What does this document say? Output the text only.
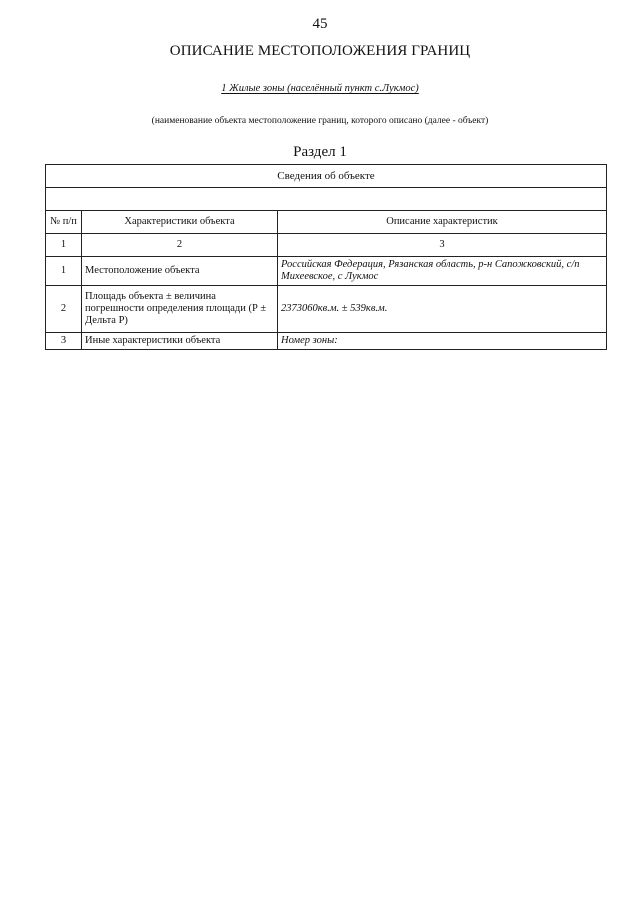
45
ОПИСАНИЕ МЕСТОПОЛОЖЕНИЯ ГРАНИЦ
1 Жилые зоны (населённый пункт с.Лукмос)
(наименование объекта местоположение границ, которого описано (далее - объект)
Раздел 1
Сведения об объекте		

№ п/п	Характеристики объекта	Описание характеристик
1	2	3
1	Местоположение объекта	Российская Федерация, Рязанская область, р-н Сапожковский, с/п Михеевское, с Лукмос
2	Площадь объекта ± величина погрешности определения площади (Р ± Дельта Р)	2373060кв.м. ± 539кв.м.
3	Иные характеристики объекта	Номер зоны:
